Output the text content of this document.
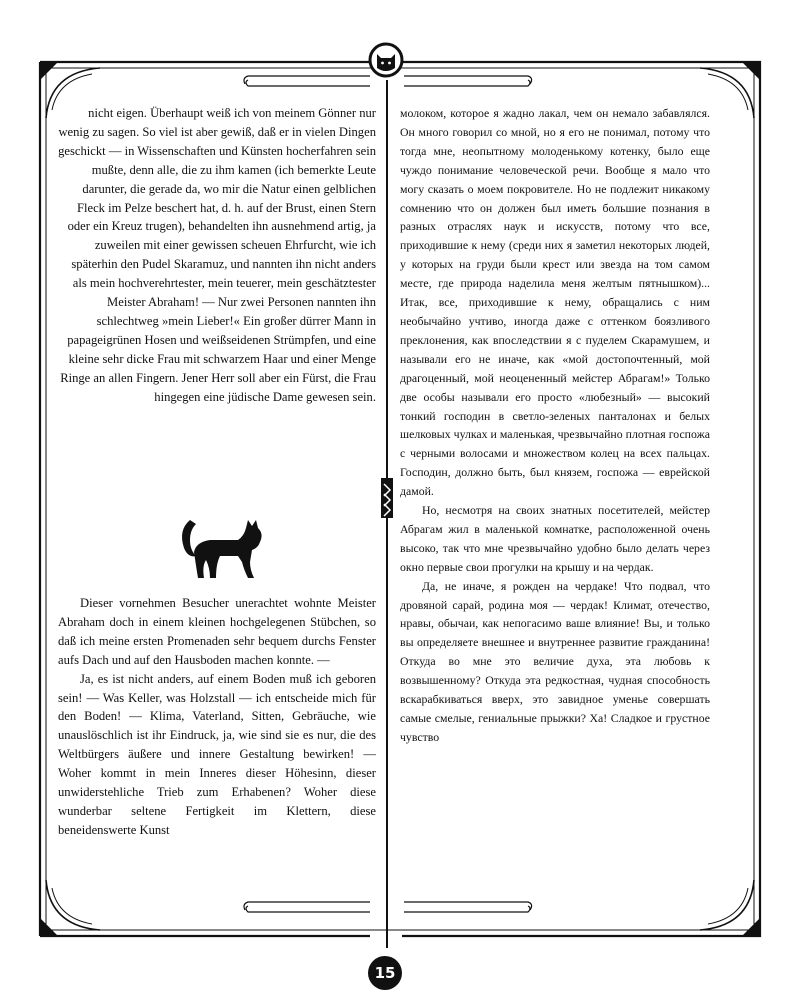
nicht eigen. Überhaupt weiß ich von meinem Gönner nur wenig zu sagen. So viel ist aber gewiß, daß er in vielen Dingen geschickt — in Wissenschaften und Künsten hocherfahren sein mußte, denn alle, die zu ihm kamen (ich bemerkte Leute darunter, die gerade da, wo mir die Natur einen gelblichen Fleck im Pelze beschert hat, d. h. auf der Brust, einen Stern oder ein Kreuz trugen), behandelten ihn ausnehmend artig, ja zuweilen mit einer gewissen scheuen Ehrfurcht, wie ich späterhin den Pudel Skaramuz, und nannten ihn nicht anders als mein hochverehrtester, mein teuerer, mein geschätztester Meister Abraham! — Nur zwei Personen nannten ihn schlechtweg »mein Lieber!« Ein großer dürrer Mann in papageigrünen Hosen und weißseidenen Strümpfen, und eine kleine sehr dicke Frau mit schwarzem Haar und einer Menge Ringe an allen Fingern. Jener Herr soll aber ein Fürst, die Frau hingegen eine jüdische Dame gewesen sein.

Dieser vornehmen Besucher unerachtet wohnte Meister Abraham doch in einem kleinen hochgelegenen Stübchen, so daß ich meine ersten Promenaden sehr bequem durchs Fenster aufs Dach und auf den Hausboden machen konnte. —

Ja, es ist nicht anders, auf einem Boden muß ich geboren sein! — Was Keller, was Holzstall — ich entscheide mich für den Boden! — Klima, Vaterland, Sitten, Gebräuche, wie unauslöschlich ist ihr Eindruck, ja, wie sind sie es nur, die des Weltbürgers äußere und innere Gestaltung bewirken! — Woher kommt in mein Inneres dieser Höhesinn, dieser unwiderstehliche Trieb zum Erhabenen? Woher diese wunderbar seltene Fertigkeit im Klettern, diese beneidenswerte Kunst

молоком, которое я жадно лакал, чем он немало забавлялся. Он много говорил со мной, но я его не понимал, потому что тогда мне, неопытному молоденькому котенку, было еще чуждо понимание человеческой речи. Вообще я мало что могу сказать о моем покровителе. Но не подлежит никакому сомнению что он должен был иметь большие познания в разных отраслях наук и искусств, потому что все, приходившие к нему (среди них я заметил некоторых людей, у которых на груди были крест или звезда на том самом месте, где природа наделила меня желтым пятнышком)... Итак, все, приходившие к нему, обращались с ним необычайно учтиво, иногда даже с оттенком боязливого преклонения, как впоследствии я с пуделем Скарамушем, и называли его не иначе, как «мой достопочтенный, мой драгоценный, мой неоцененный мейстер Абрагам!» Только две особы называли его просто «любезный» — высокий тонкий господин в светло-зеленых панталонах и белых шелковых чулках и маленькая, чрезвычайно плотная госпожа с черными волосами и множеством колец на всех пальцах. Господин, должно быть, был князем, госпожа — еврейской дамой.

Но, несмотря на своих знатных посетителей, мейстер Абрагам жил в маленькой комнатке, расположенной очень высоко, так что мне чрезвычайно удобно было делать через окно первые свои прогулки на крышу и на чердак.

Да, не иначе, я рожден на чердаке! Что подвал, что дровяной сарай, родина моя — чердак! Климат, отечество, нравы, обычаи, как непогасимо ваше влияние! Вы, и только вы определяете внешнее и внутреннее развитие гражданина! Откуда во мне это величие духа, эта любовь к возвышенному? Откуда эта редкостная, чудная способность вскарабкиваться вверх, это завидное уменье совершать самые смелые, гениальные прыжки? Ха! Сладкое и грустное чувство

15
